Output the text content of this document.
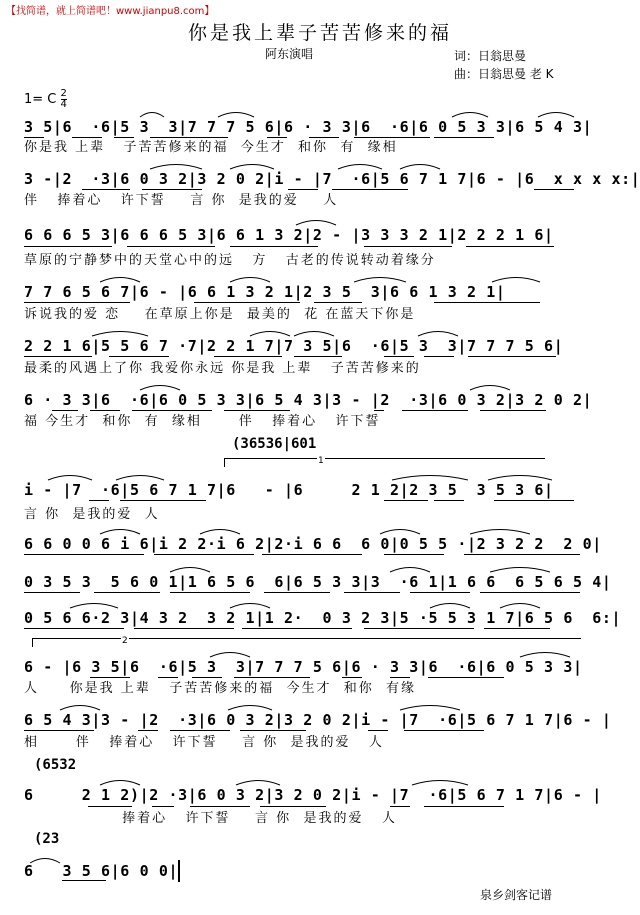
【找简谱，就上简谱吧！www.jianpu8.com】
你是我上辈子苦苦修来的福
阿东演唱	词：日翁思曼
曲：日翁思曼 老 K
1= C $\frac{2}{4}$
3 5|6  ·6|5 3  3|7 7 7 5 6|6 · 3 3|6  ·6|6 0 5 3 3|6 5 4 3|
你是我 上辈   子苦苦修来的福  今生才  和你  有  缘相
3 -|2  ·3|6 0 3 2|3 2 0 2|i - |7  ·6|5 6 7 1 7|6 - |6  x x x x:|
伴   捧着心   许下誓    言 你  是我的爱    人
6 6 6 5 3|6 6 6 5 3|6 6 1 3 2|2 - |3 3 3 2 1|2 2 2 1 6|
草原的宁静梦中的天堂心中的远   方   古老的传说转动着缘分
7 7 6 5 6 7|6 - |6 6 1 3 2 1|2 3 5  3|6 6 1 3 2 1|
诉说我的爱 恋    在草原上你是  最美的  花 在蓝天下你是
2 2 1 6|5 5 6 7 ·7|2 2 1 7|7 3 5|6  ·6|5 3  3|7 7 7 5 6|
最柔的风遇上了你 我爱你永远 你是我 上辈   子苦苦修来的
6 · 3 3|6  ·6|6 0 5 3 3|6 5 4 3|3 - |2  ·3|6 0 3 2|3 2 0 2|
福 今生才  和你  有  缘相      伴   捧着心   许下誓
(36536|601
1
i - |7  ·6|5 6 7 1 7|6   - |6     2 1 2|2 3 5  3 5 3 6|
言 你  是我的爱  人
6 6 0 0 6 i 6|i 2 2·i 6 2|2·i 6 6  6 0|0 5 5 ·|2 3 2 2  2 0|
0 3 5 3  5 6 0 1|1 6 5 6  6|6 5 3 3|3  ·6 1|1 6 6  6 5 6 5 4|
0 5 6 6·2 3|4 3 2  3 2 1|1 2·  0 3 2 3|5 ·5 5 3 1 7|6 5 6  6:|
2
6 - |6 3 5|6  ·6|5 3  3|7 7 7 5 6|6 · 3 3|6  ·6|6 0 5 3 3|
人     你是我 上辈   子苦苦修来的福  今生才  和你  有缘
6 5 4 3|3 - |2  ·3|6 0 3 2|3 2 0 2|i - |7  ·6|5 6 7 1 7|6 - |
相      伴   捧着心   许下誓    言 你  是我的爱   人
(6532
6     2 1 2)|2 ·3|6 0 3 2|3 2 0 2|i - |7  ·6|5 6 7 1 7|6 - |
捧着心   许下誓    言 你  是我的爱   人
(23
6   3 5 6|6 0 0|
泉乡剑客记谱
